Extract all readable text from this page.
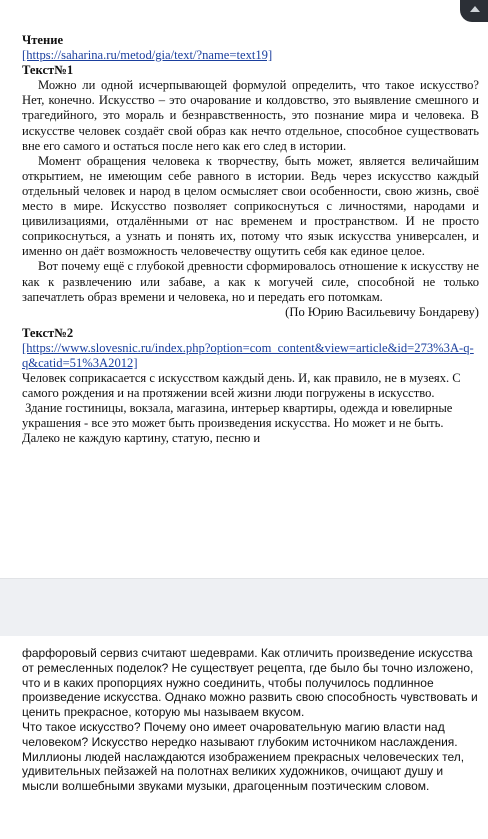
Чтение

[https://saharina.ru/metod/gia/text/?name=text19]

Текст№1

Можно ли одной исчерпывающей формулой определить, что такое искусство? Нет, конечно. Искусство – это очарование и колдовство, это выявление смешного и трагедийного, это мораль и безнравственность, это познание мира и человека. В искусстве человек создаёт свой образ как нечто отдельное, способное существовать вне его самого и остаться после него как его след в истории.

Момент обращения человека к творчеству, быть может, является величайшим открытием, не имеющим себе равного в истории. Ведь через искусство каждый отдельный человек и народ в целом осмысляет свои особенности, свою жизнь, своё место в мире. Искусство позволяет соприкоснуться с личностями, народами и цивилизациями, отдалёнными от нас временем и пространством. И не просто соприкоснуться, а узнать и понять их, потому что язык искусства универсален, и именно он даёт возможность человечеству ощутить себя как единое целое.

Вот почему ещё с глубокой древности сформировалось отношение к искусству не как к развлечению или забаве, а как к могучей силе, способной не только запечатлеть образ времени и человека, но и передать его потомкам.

(По Юрию Васильевичу Бондареву)

Текст№2

[https://www.slovesnic.ru/index.php?option=com_content&view=article&id=273%3A-q-q&catid=51%3A2012]

Человек соприкасается с искусством каждый день. И, как правило, не в музеях. С самого рождения и на протяжении всей жизни люди погружены в искусство.

Здание гостиницы, вокзала, магазина, интерьер квартиры, одежда и ювелирные украшения - все это может быть произведения искусства. Но может и не быть. Далеко не каждую картину, статую, песню и

фарфоровый сервиз считают шедеврами. Как отличить произведение искусства от ремесленных поделок? Не существует рецепта, где было бы точно изложено, что и в каких пропорциях нужно соединить, чтобы получилось подлинное произведение искусства. Однако можно развить свою способность чувствовать и ценить прекрасное, которую мы называем вкусом.

Что такое искусство? Почему оно имеет очаровательную магию власти над человеком? Искусство нередко называют глубоким источником наслаждения. Миллионы людей наслаждаются изображением прекрасных человеческих тел, удивительных пейзажей на полотнах великих художников, очищают душу и мысли волшебными звуками музыки, драгоценным поэтическим словом.
